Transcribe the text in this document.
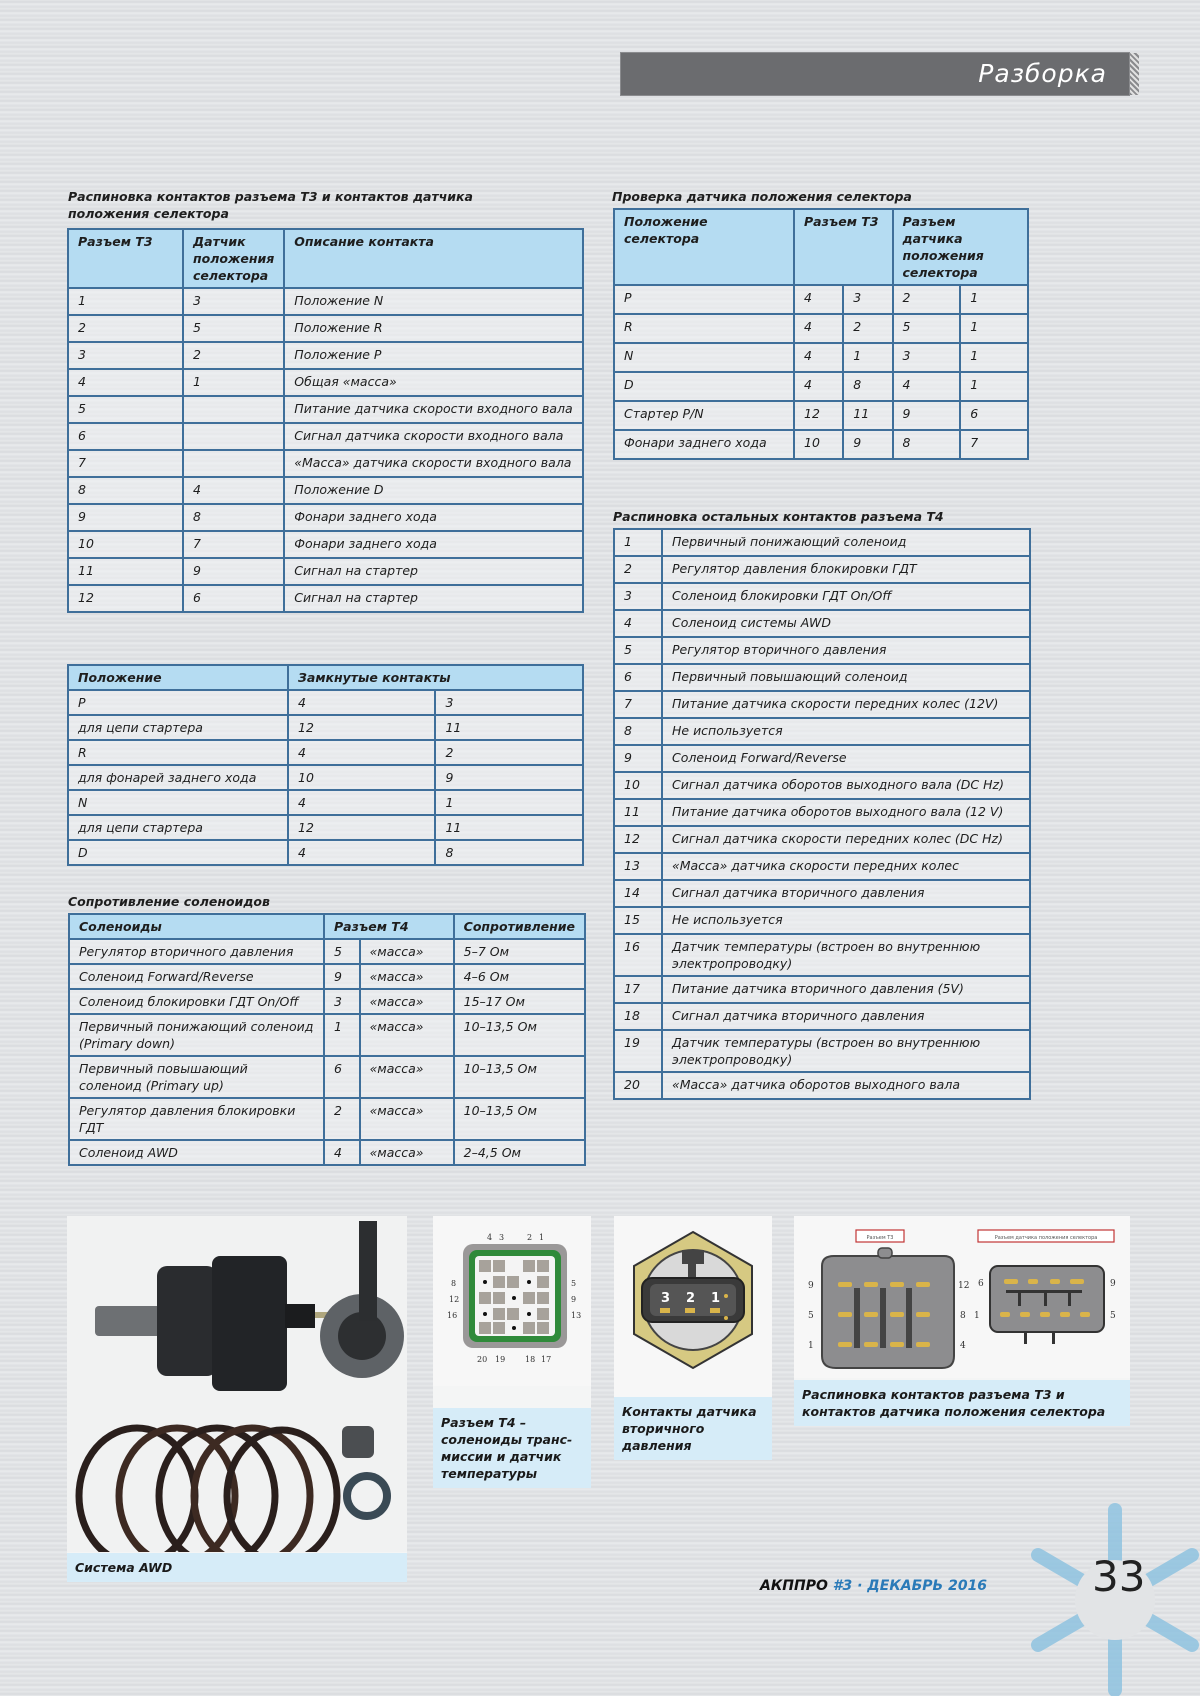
Разборка
Распиновка контактов разъема Т3 и контактов датчика положения селектора
Разъем Т3	Датчик положения селектора	Описание контакта
1	3	Положение N
2	5	Положение R
3	2	Положение P
4	1	Общая «масса»
5		Питание датчика скорости входного вала
6		Сигнал датчика скорости входного вала
7		«Масса» датчика скорости входного вала
8	4	Положение D
9	8	Фонари заднего хода
10	7	Фонари заднего хода
11	9	Сигнал на стартер
12	6	Сигнал на стартер
Положение	Замкнутые контакты	
P	4	3
для цепи стартера	12	11
R	4	2
для фонарей заднего хода	10	9
N	4	1
для цепи стартера	12	11
D	4	8
Сопротивление соленоидов
Соленоиды	Разъем Т4		Сопротивление
Регулятор вторичного давления	5	«масса»	5–7 Ом
Соленоид Forward/Reverse	9	«масса»	4–6 Ом
Соленоид блокировки ГДТ On/Off	3	«масса»	15–17 Ом
Первичный понижающий соленоид (Primary down)	1	«масса»	10–13,5 Ом
Первичный повышающий соленоид (Primary up)	6	«масса»	10–13,5 Ом
Регулятор давления блокировки ГДТ	2	«масса»	10–13,5 Ом
Соленоид AWD	4	«масса»	2–4,5 Ом
Проверка датчика положения селектора
Положение селектора	Разъем Т3		Разъем датчика положения селектора	
P	4	3	2	1
R	4	2	5	1
N	4	1	3	1
D	4	8	4	1
Стартер P/N	12	11	9	6
Фонари заднего хода	10	9	8	7
Распиновка остальных контактов разъема Т4
1	Первичный понижающий соленоид
2	Регулятор давления блокировки ГДТ
3	Соленоид блокировки ГДТ On/Off
4	Соленоид системы AWD
5	Регулятор вторичного давления
6	Первичный повышающий соленоид
7	Питание датчика скорости передних колес (12V)
8	Не используется
9	Соленоид Forward/Reverse
10	Сигнал датчика оборотов выходного вала (DC Hz)
11	Питание датчика оборотов выходного вала (12 V)
12	Сигнал датчика скорости передних колес (DC Hz)
13	«Масса» датчика скорости передних колес
14	Сигнал датчика вторичного давления
15	Не используется
16	Датчик температуры (встроен во внутреннюю электропроводку)
17	Питание датчика вторичного давления (5V)
18	Сигнал датчика вторичного давления
19	Датчик температуры (встроен во внутреннюю электропроводку)
20	«Масса» датчика оборотов выходного вала
Система AWD
4 3	2 1
8
12
16
5
9
13
20 19 18 17
Разъем Т4 – соленоиды транс-миссии и датчик температуры
3 2 1
Контакты датчика вторичного давления
Разъем Т3	Разъем датчика положения селектора
9
5
1
12
8
4
6
1
9
5
Распиновка контактов разъема Т3 и контактов датчика положения селектора
АКППРО #3 · ДЕКАБРЬ 2016 33
